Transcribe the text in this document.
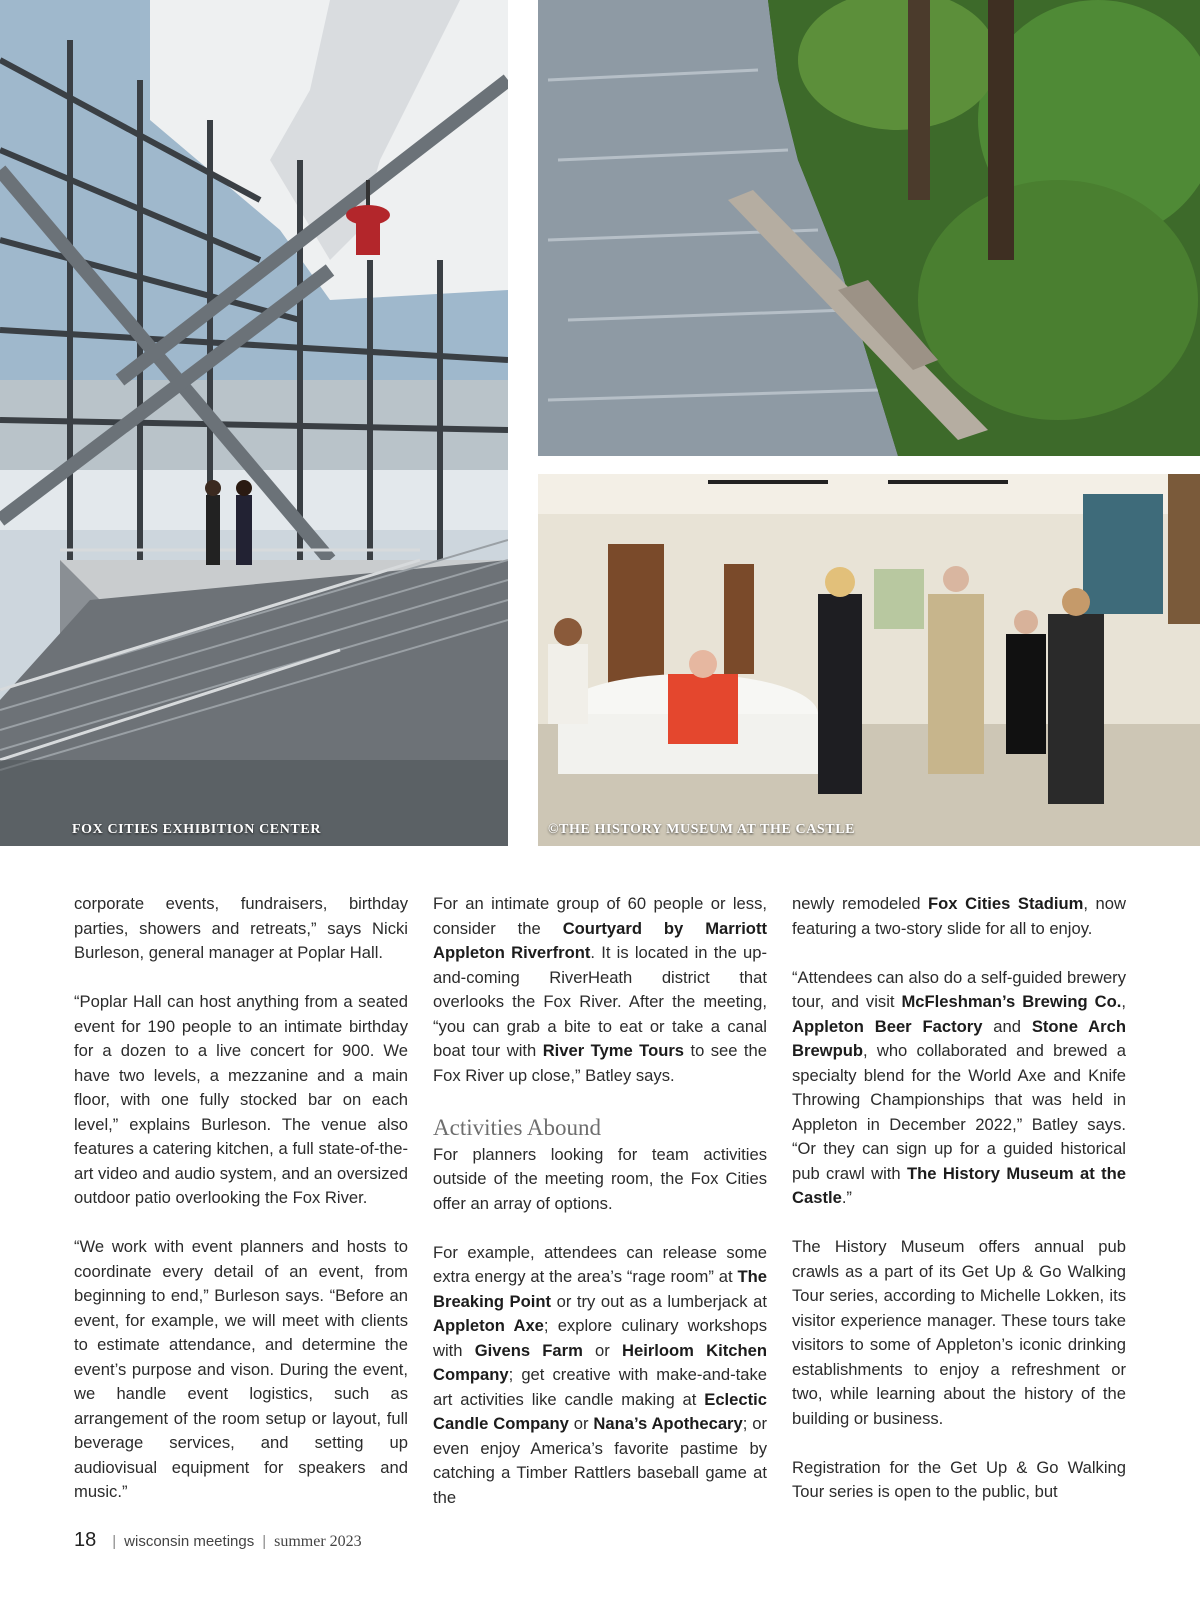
FOX CITIES EXHIBITION CENTER	©THE HISTORY MUSEUM AT THE CASTLE

corporate events, fundraisers, birthday parties, showers and retreats,” says Nicki Burleson, general manager at Poplar Hall.

“Poplar Hall can host anything from a seated event for 190 people to an intimate birthday for a dozen to a live concert for 900. We have two levels, a mezzanine and a main floor, with one fully stocked bar on each level,” explains Burleson. The venue also features a catering kitchen, a full state-of-the-art video and audio system, and an oversized outdoor patio overlooking the Fox River.

“We work with event planners and hosts to coordinate every detail of an event, from beginning to end,” Burleson says. “Before an event, for example, we will meet with clients to estimate attendance, and determine the event’s purpose and vison. During the event, we handle event logistics, such as arrangement of the room setup or layout, full beverage services, and setting up audiovisual equipment for speakers and music.”

For an intimate group of 60 people or less, consider the Courtyard by Marriott Appleton Riverfront. It is located in the up-and-coming RiverHeath district that overlooks the Fox River. After the meeting, “you can grab a bite to eat or take a canal boat tour with River Tyme Tours to see the Fox River up close,” Batley says.

Activities Abound

For planners looking for team activities outside of the meeting room, the Fox Cities offer an array of options.

For example, attendees can release some extra energy at the area’s “rage room” at The Breaking Point or try out as a lumberjack at Appleton Axe; explore culinary workshops with Givens Farm or Heirloom Kitchen Company; get creative with make-and-take art activities like candle making at Eclectic Candle Company or Nana’s Apothecary; or even enjoy America’s favorite pastime by catching a Timber Rattlers baseball game at the

newly remodeled Fox Cities Stadium, now featuring a two-story slide for all to enjoy.

“Attendees can also do a self-guided brewery tour, and visit McFleshman’s Brewing Co., Appleton Beer Factory and Stone Arch Brewpub, who collaborated and brewed a specialty blend for the World Axe and Knife Throwing Championships that was held in Appleton in December 2022,” Batley says. “Or they can sign up for a guided historical pub crawl with The History Museum at the Castle.”

The History Museum offers annual pub crawls as a part of its Get Up & Go Walking Tour series, according to Michelle Lokken, its visitor experience manager. These tours take visitors to some of Appleton’s iconic drinking establishments to enjoy a refreshment or two, while learning about the history of the building or business.

Registration for the Get Up & Go Walking Tour series is open to the public, but

18 | wisconsin meetings | summer 2023
